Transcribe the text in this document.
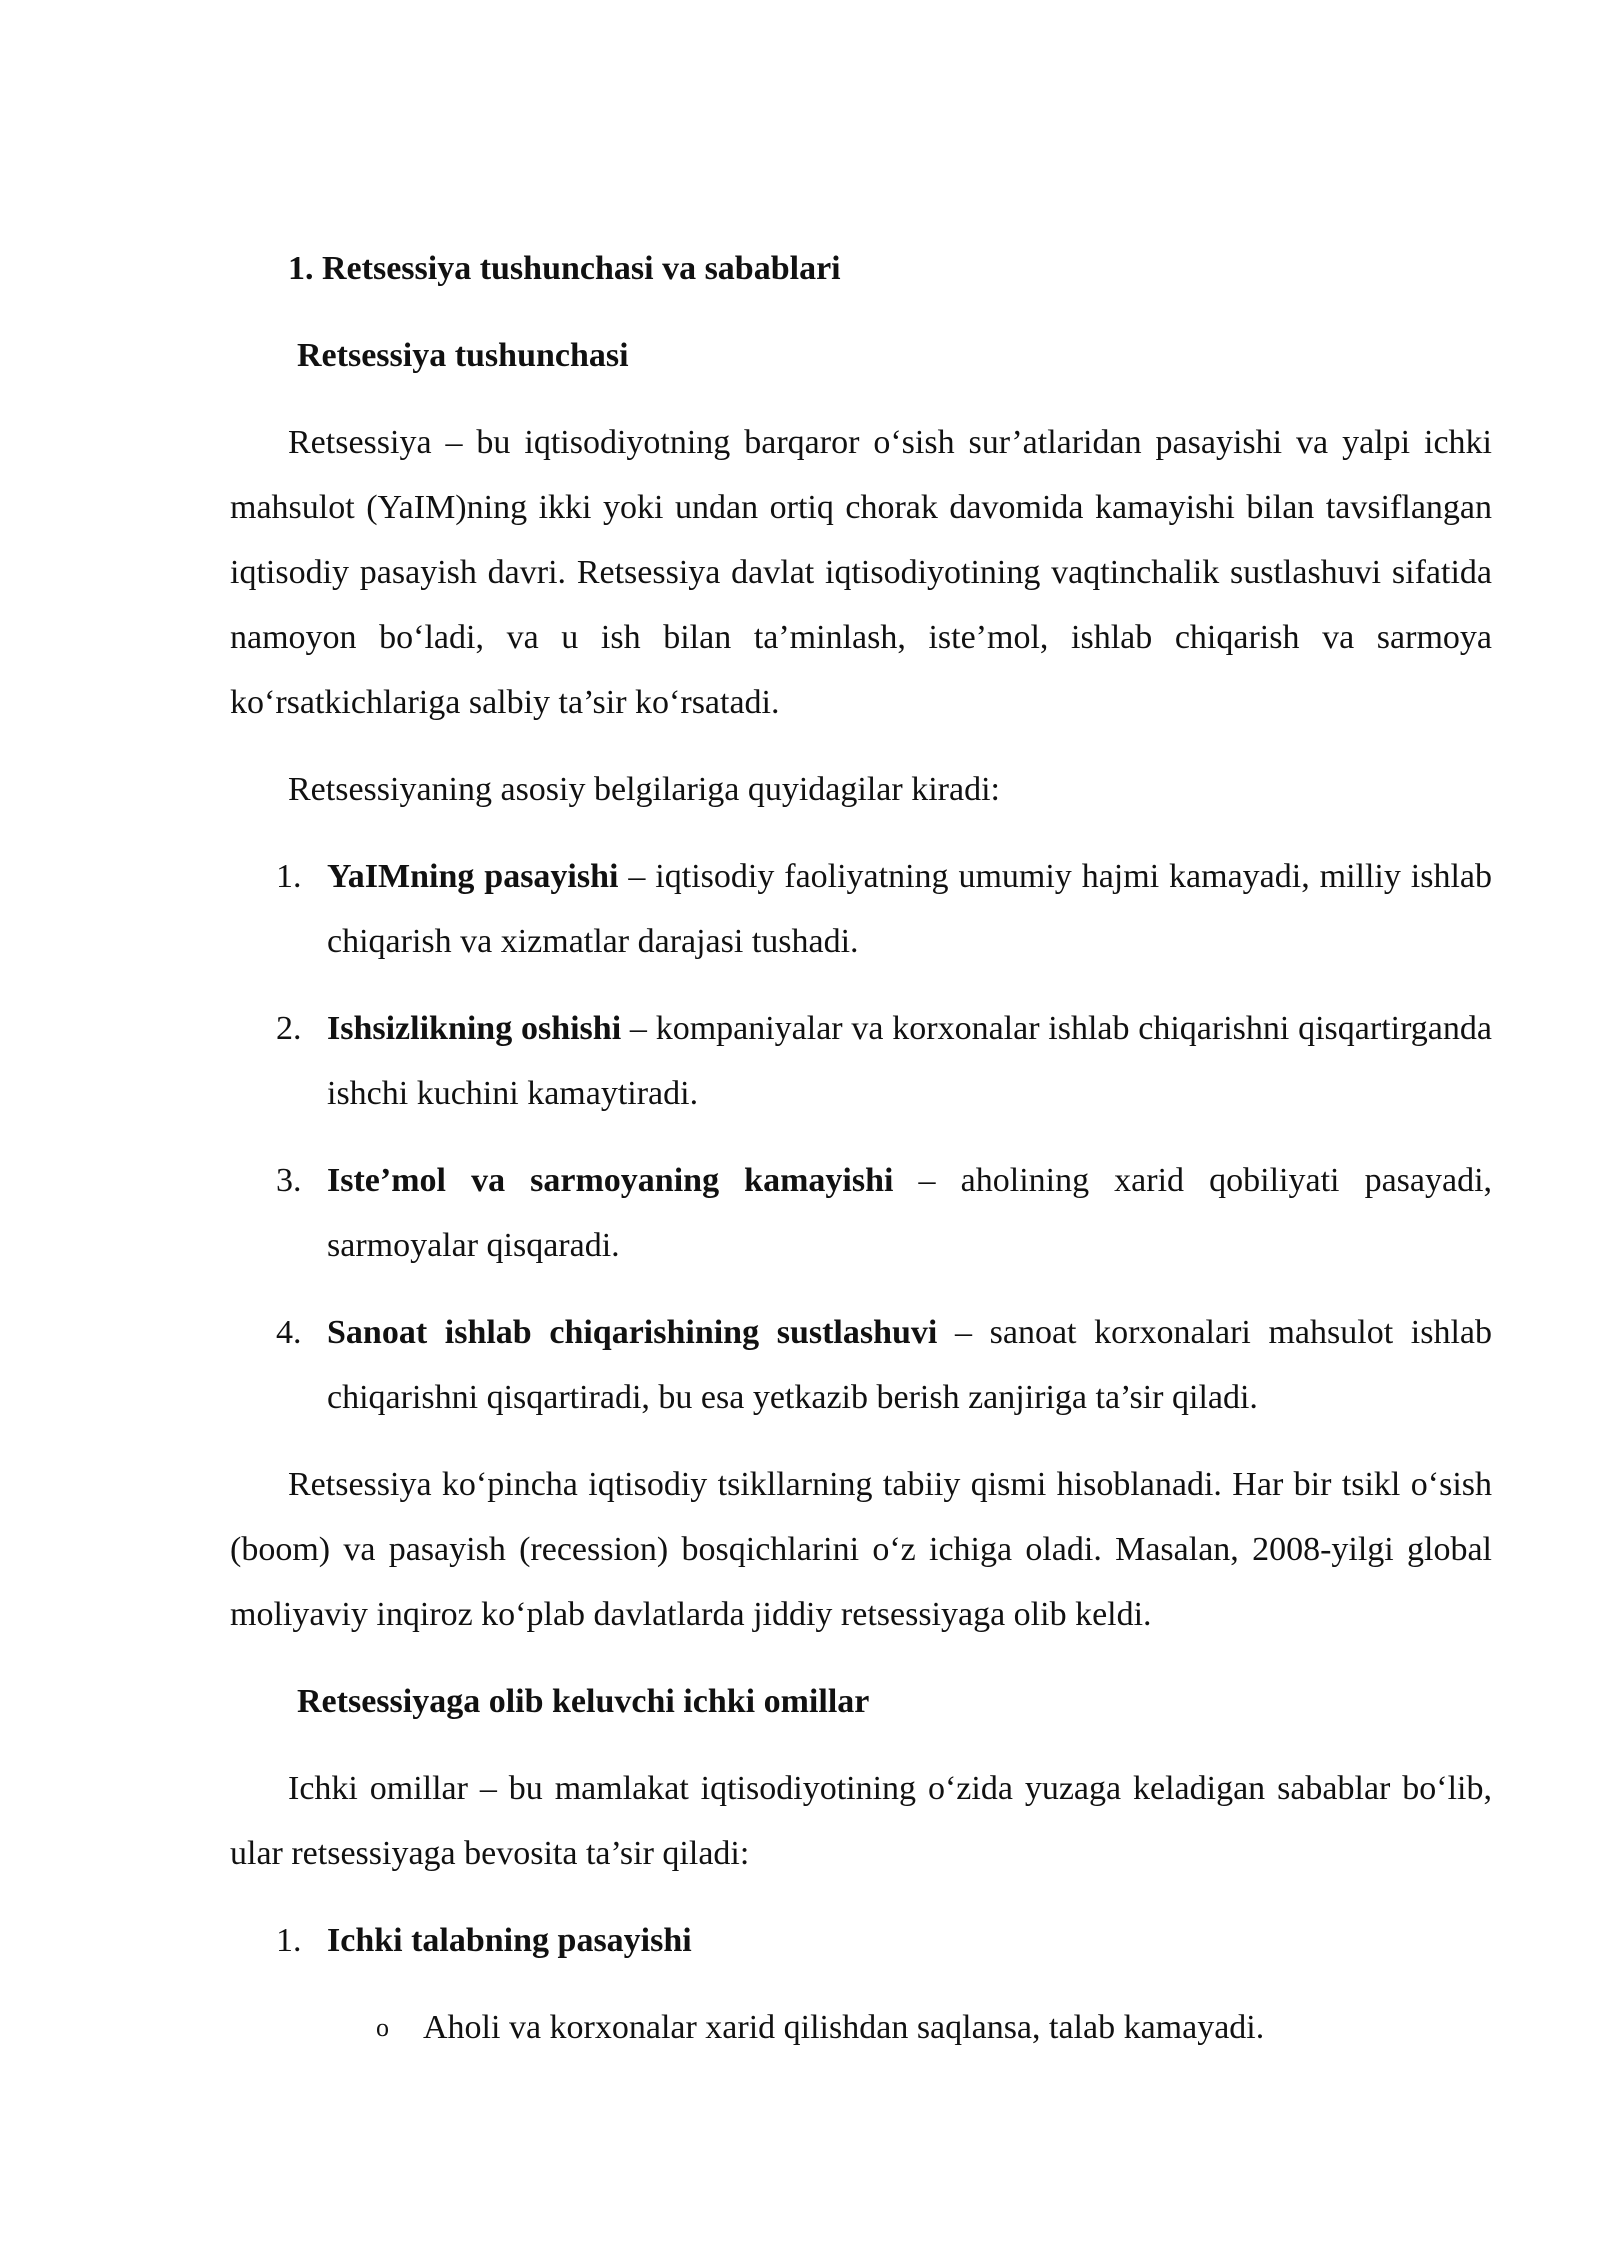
1. Retsessiya tushunchasi va sabablari
Retsessiya tushunchasi

Retsessiya – bu iqtisodiyotning barqaror o‘sish sur’atlaridan pasayishi va yalpi ichki mahsulot (YaIM)ning ikki yoki undan ortiq chorak davomida kamayishi bilan tavsiflangan iqtisodiy pasayish davri. Retsessiya davlat iqtisodiyotining vaqtinchalik sustlashuvi sifatida namoyon bo‘ladi, va u ish bilan ta’minlash, iste’mol, ishlab chiqarish va sarmoya ko‘rsatkichlariga salbiy ta’sir ko‘rsatadi.

Retsessiyaning asosiy belgilariga quyidagilar kiradi:

1. YaIMning pasayishi – iqtisodiy faoliyatning umumiy hajmi kamayadi, milliy ishlab chiqarish va xizmatlar darajasi tushadi.
2. Ishsizlikning oshishi – kompaniyalar va korxonalar ishlab chiqarishni qisqartirganda ishchi kuchini kamaytiradi.
3. Iste’mol va sarmoyaning kamayishi – aholining xarid qobiliyati pasayadi, sarmoyalar qisqaradi.
4. Sanoat ishlab chiqarishining sustlashuvi – sanoat korxonalari mahsulot ishlab chiqarishni qisqartiradi, bu esa yetkazib berish zanjiriga ta’sir qiladi.

Retsessiya ko‘pincha iqtisodiy tsikllarning tabiiy qismi hisoblanadi. Har bir tsikl o‘sish (boom) va pasayish (recession) bosqichlarini o‘z ichiga oladi. Masalan, 2008-yilgi global moliyaviy inqiroz ko‘plab davlatlarda jiddiy retsessiyaga olib keldi.

Retsessiyaga olib keluvchi ichki omillar

Ichki omillar – bu mamlakat iqtisodiyotining o‘zida yuzaga keladigan sabablar bo‘lib, ular retsessiyaga bevosita ta’sir qiladi:

1. Ichki talabning pasayishi
o Aholi va korxonalar xarid qilishdan saqlansa, talab kamayadi.
